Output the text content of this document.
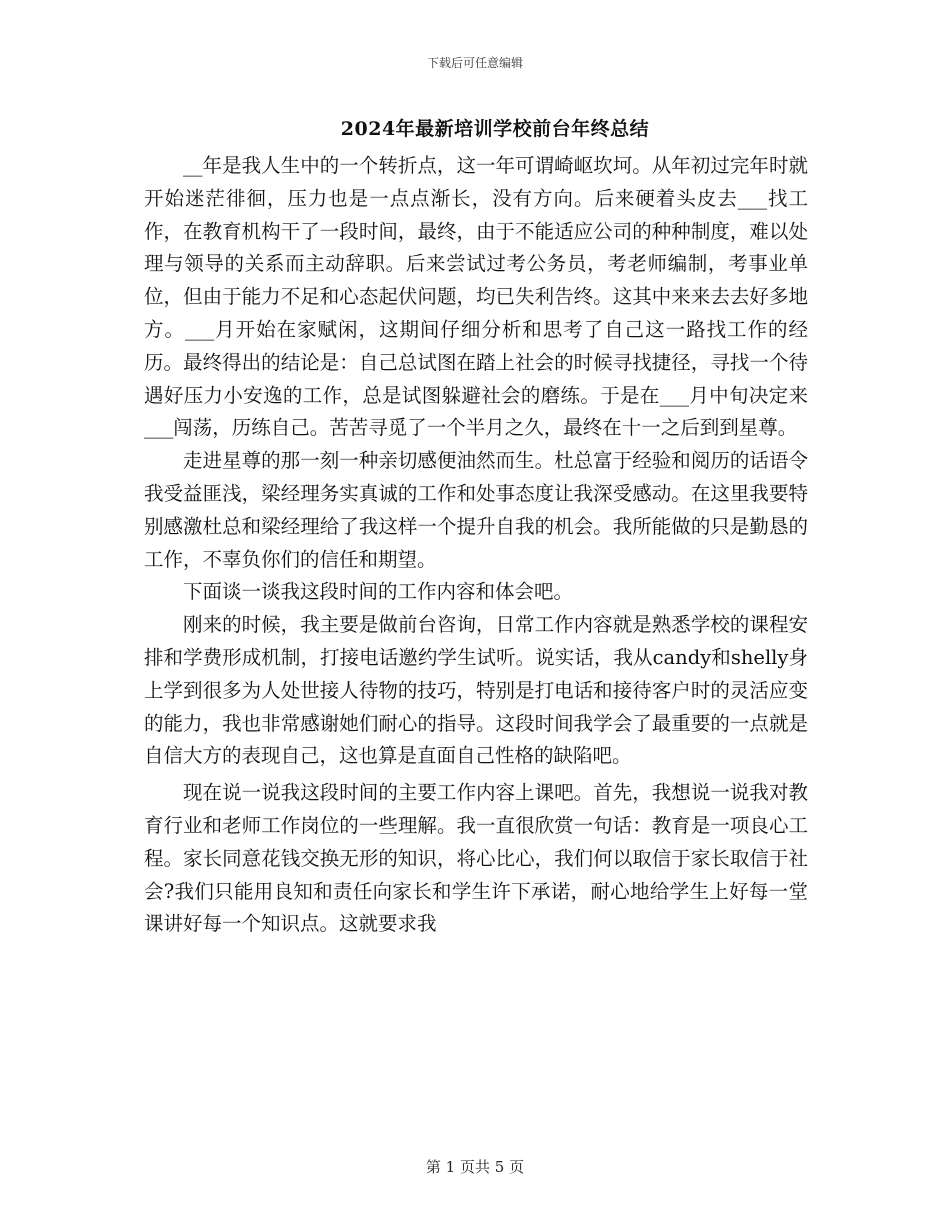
下载后可任意编辑
2024年最新培训学校前台年终总结

__年是我人生中的一个转折点，这一年可谓崎岖坎坷。从年初过完年时就开始迷茫徘徊，压力也是一点点渐长，没有方向。后来硬着头皮去___找工作，在教育机构干了一段时间，最终，由于不能适应公司的种种制度，难以处理与领导的关系而主动辞职。后来尝试过考公务员，考老师编制，考事业单位，但由于能力不足和心态起伏问题，均已失利告终。这其中来来去去好多地方。___月开始在家赋闲，这期间仔细分析和思考了自己这一路找工作的经历。最终得出的结论是：自己总试图在踏上社会的时候寻找捷径，寻找一个待遇好压力小安逸的工作，总是试图躲避社会的磨练。于是在___月中旬决定来___闯荡，历练自己。苦苦寻觅了一个半月之久，最终在十一之后到到星尊。

走进星尊的那一刻一种亲切感便油然而生。杜总富于经验和阅历的话语令我受益匪浅，梁经理务实真诚的工作和处事态度让我深受感动。在这里我要特别感激杜总和梁经理给了我这样一个提升自我的机会。我所能做的只是勤恳的工作，不辜负你们的信任和期望。

下面谈一谈我这段时间的工作内容和体会吧。

刚来的时候，我主要是做前台咨询，日常工作内容就是熟悉学校的课程安排和学费形成机制，打接电话邀约学生试听。说实话，我从candy和shelly身上学到很多为人处世接人待物的技巧，特别是打电话和接待客户时的灵活应变的能力，我也非常感谢她们耐心的指导。这段时间我学会了最重要的一点就是自信大方的表现自己，这也算是直面自己性格的缺陷吧。

现在说一说我这段时间的主要工作内容上课吧。首先，我想说一说我对教育行业和老师工作岗位的一些理解。我一直很欣赏一句话：教育是一项良心工程。家长同意花钱交换无形的知识，将心比心，我们何以取信于家长取信于社会?我们只能用良知和责任向家长和学生许下承诺，耐心地给学生上好每一堂课讲好每一个知识点。这就要求我

第 1 页共 5 页
